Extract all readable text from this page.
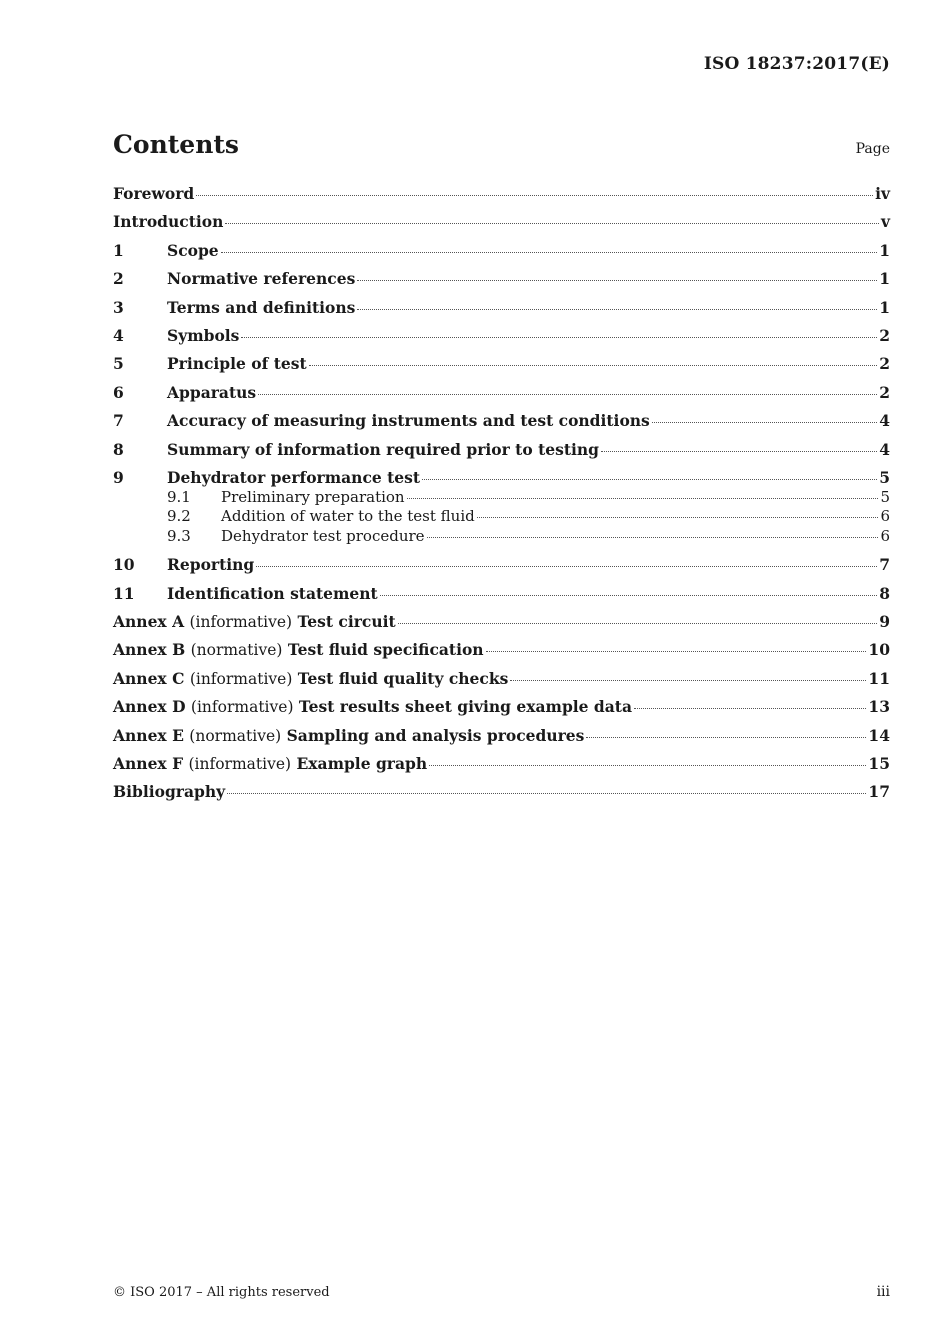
ISO 18237:2017(E)
Contents	Page
Foreword	iv
Introduction	v
1	Scope	1
2	Normative references	1
3	Terms and definitions	1
4	Symbols	2
5	Principle of test	2
6	Apparatus	2
7	Accuracy of measuring instruments and test conditions	4
8	Summary of information required prior to testing	4
9	Dehydrator performance test	5
9.1	Preliminary preparation	5
9.2	Addition of water to the test fluid	6
9.3	Dehydrator test procedure	6
10	Reporting	7
11	Identification statement	8
Annex A (informative) Test circuit	9
Annex B (normative) Test fluid specification	10
Annex C (informative) Test fluid quality checks	11
Annex D (informative) Test results sheet giving example data	13
Annex E (normative) Sampling and analysis procedures	14
Annex F (informative) Example graph	15
Bibliography	17
© ISO 2017 – All rights reserved	iii
